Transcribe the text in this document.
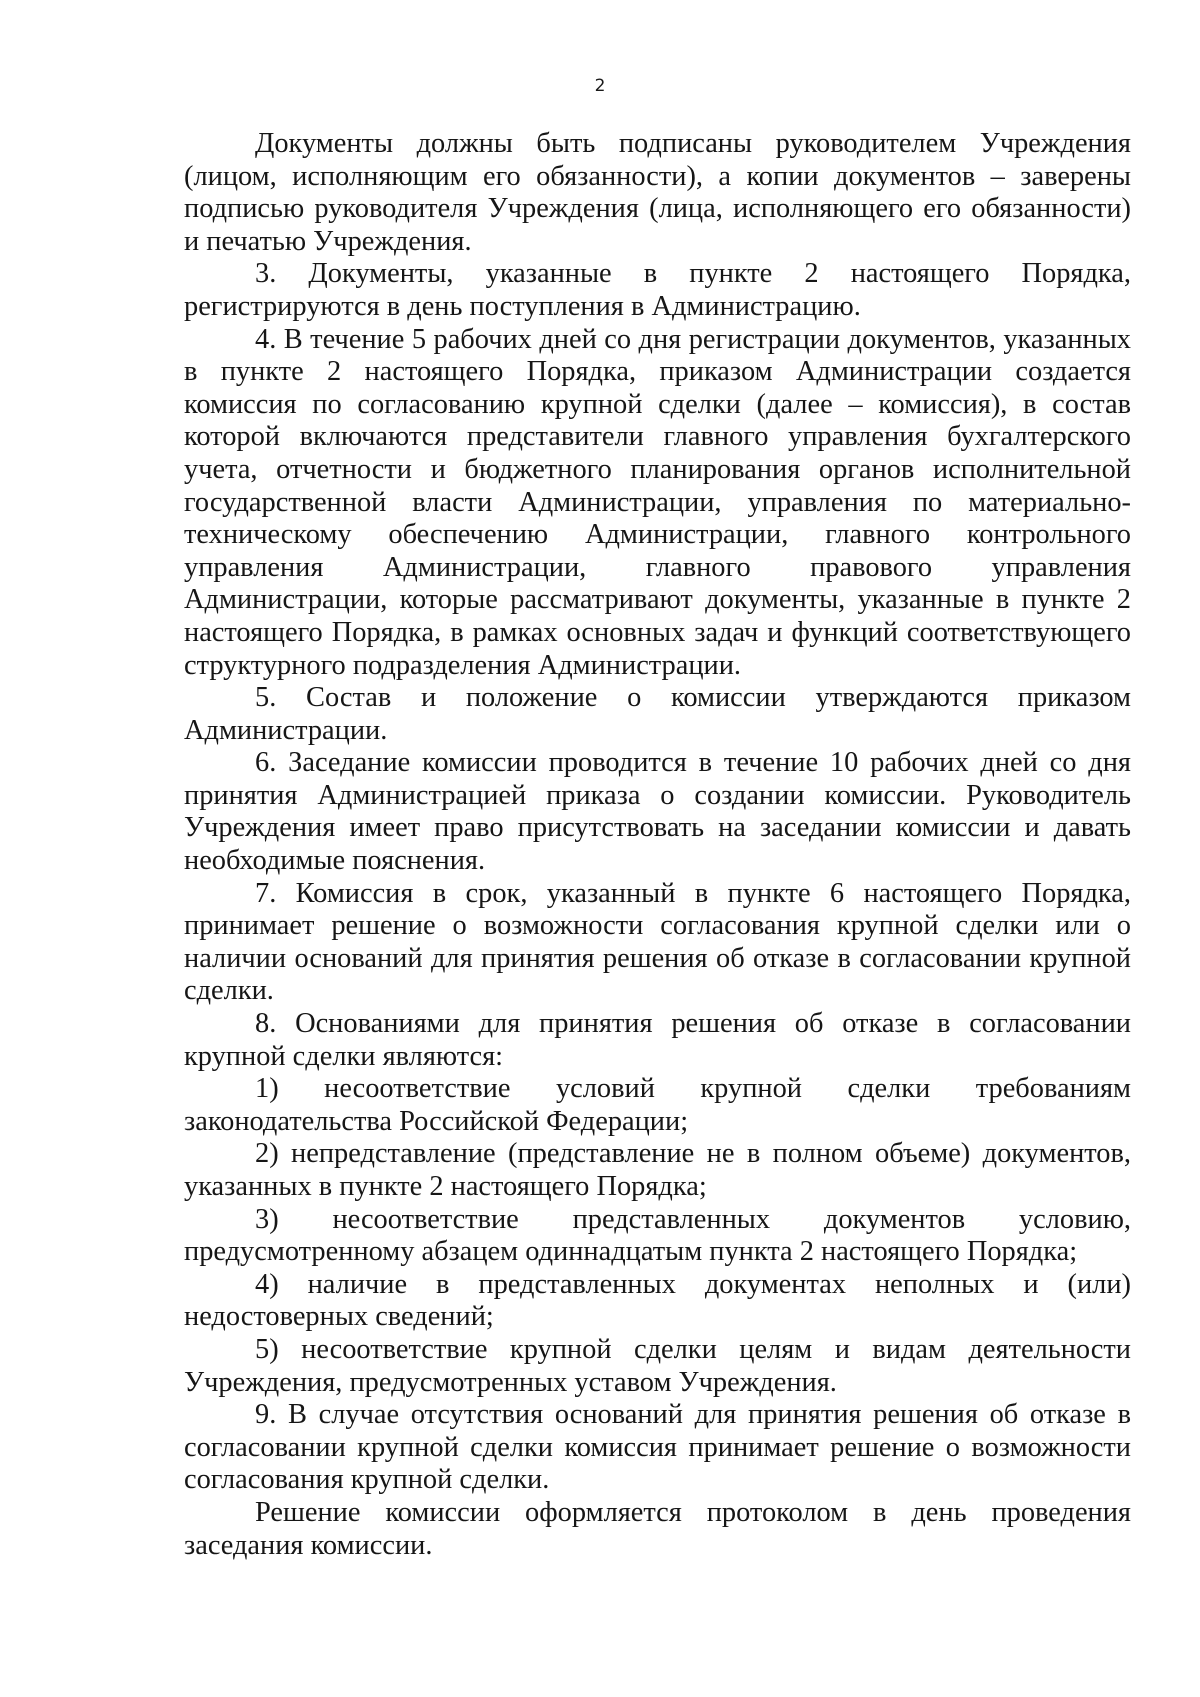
2

Документы должны быть подписаны руководителем Учреждения (лицом, исполняющим его обязанности), а копии документов – заверены подписью руководителя Учреждения (лица, исполняющего его обязанности) и печатью Учреждения.

3. Документы, указанные в пункте 2 настоящего Порядка, регистрируются в день поступления в Администрацию.

4. В течение 5 рабочих дней со дня регистрации документов, указанных в пункте 2 настоящего Порядка, приказом Администрации создается комиссия по согласованию крупной сделки (далее – комиссия), в состав которой включаются представители главного управления бухгалтерского учета, отчетности и бюджетного планирования органов исполнительной государственной власти Администрации, управления по материально-техническому обеспечению Администрации, главного контрольного управления Администрации, главного правового управления Администрации, которые рассматривают документы, указанные в пункте 2 настоящего Порядка, в рамках основных задач и функций соответствующего структурного подразделения Администрации.

5. Состав и положение о комиссии утверждаются приказом Администрации.

6. Заседание комиссии проводится в течение 10 рабочих дней со дня принятия Администрацией приказа о создании комиссии. Руководитель Учреждения имеет право присутствовать на заседании комиссии и давать необходимые пояснения.

7. Комиссия в срок, указанный в пункте 6 настоящего Порядка, принимает решение о возможности согласования крупной сделки или о наличии оснований для принятия решения об отказе в согласовании крупной сделки.

8. Основаниями для принятия решения об отказе в согласовании крупной сделки являются:

1) несоответствие условий крупной сделки требованиям законодательства Российской Федерации;

2) непредставление (представление не в полном объеме) документов, указанных в пункте 2 настоящего Порядка;

3) несоответствие представленных документов условию, предусмотренному абзацем одиннадцатым пункта 2 настоящего Порядка;

4) наличие в представленных документах неполных и (или) недостоверных сведений;

5) несоответствие крупной сделки целям и видам деятельности Учреждения, предусмотренных уставом Учреждения.

9. В случае отсутствия оснований для принятия решения об отказе в согласовании крупной сделки комиссия принимает решение о возможности согласования крупной сделки.

Решение комиссии оформляется протоколом в день проведения заседания комиссии.
